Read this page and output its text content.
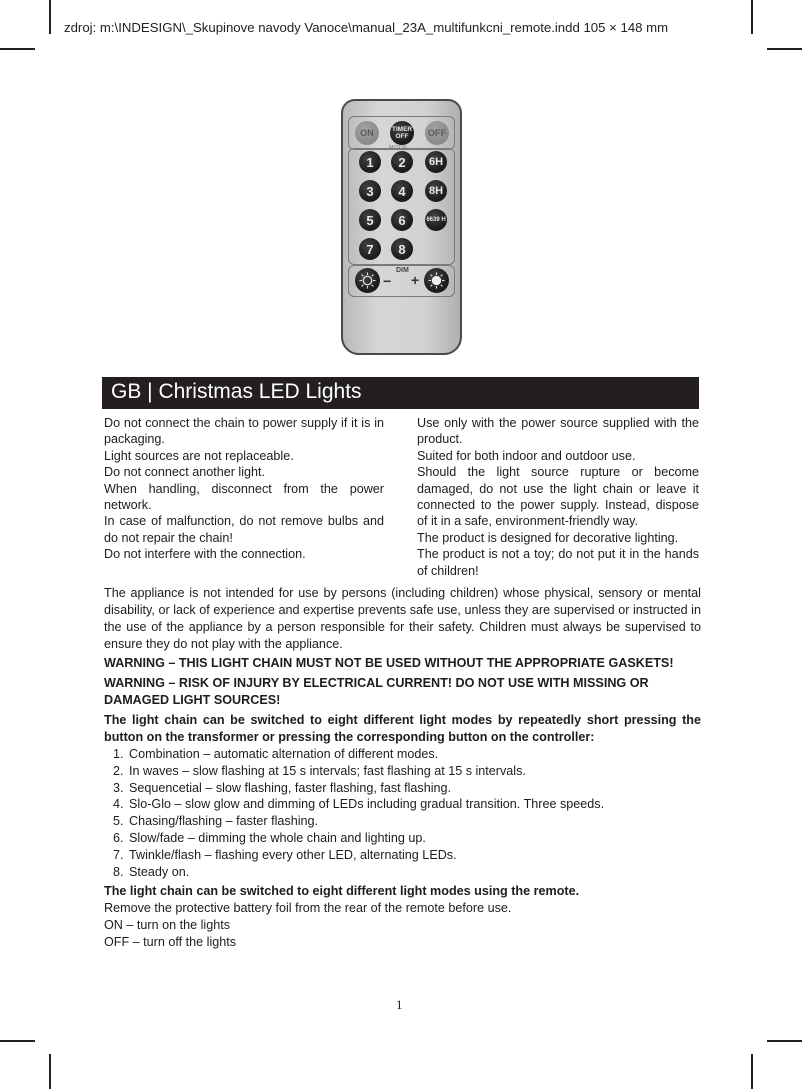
zdroj: m:\INDESIGN\_Skupinove navody Vanoce\manual_23A_multifunkcni_remote.indd 105 × 148 mm
ON	TIMER OFF	OFF
MODE
1	2	6H
3	4	8H
5	6	6639 H
7	8
DIM
− +
GB | Christmas LED Lights

Do not connect the chain to power supply if it is in packaging.

Light sources are not replaceable.

Do not connect another light.

When handling, disconnect from the power network.

In case of malfunction, do not remove bulbs and do not repair the chain!

Do not interfere with the connection.

Use only with the power source supplied with the product.

Suited for both indoor and outdoor use.

Should the light source rupture or become damaged, do not use the light chain or leave it connected to the power supply. Instead, dispose of it in a safe, environment-friendly way.

The product is designed for decorative lighting.

The product is not a toy; do not put it in the hands of children!

The appliance is not intended for use by persons (including children) whose physical, sensory or mental disability, or lack of experience and expertise prevents safe use, unless they are supervised or instructed in the use of the appliance by a person responsible for their safety. Children must always be supervised to ensure they do not play with the appliance.

WARNING – THIS LIGHT CHAIN MUST NOT BE USED WITHOUT THE APPROPRIATE GASKETS!

WARNING – RISK OF INJURY BY ELECTRICAL CURRENT! DO NOT USE WITH MISSING OR DAMAGED LIGHT SOURCES!

The light chain can be switched to eight different light modes by repeatedly short pressing the button on the transformer or pressing the corresponding button on the controller:

1. Combination – automatic alternation of different modes.
2. In waves – slow flashing at 15 s intervals; fast flashing at 15 s intervals.
3. Sequencetial – slow flashing, faster flashing, fast flashing.
4. Slo-Glo – slow glow and dimming of LEDs including gradual transition. Three speeds.
5. Chasing/flashing – faster flashing.
6. Slow/fade – dimming the whole chain and lighting up.
7. Twinkle/flash – flashing every other LED, alternating LEDs.
8. Steady on.

The light chain can be switched to eight different light modes using the remote.

Remove the protective battery foil from the rear of the remote before use.

ON – turn on the lights

OFF – turn off the lights

1
